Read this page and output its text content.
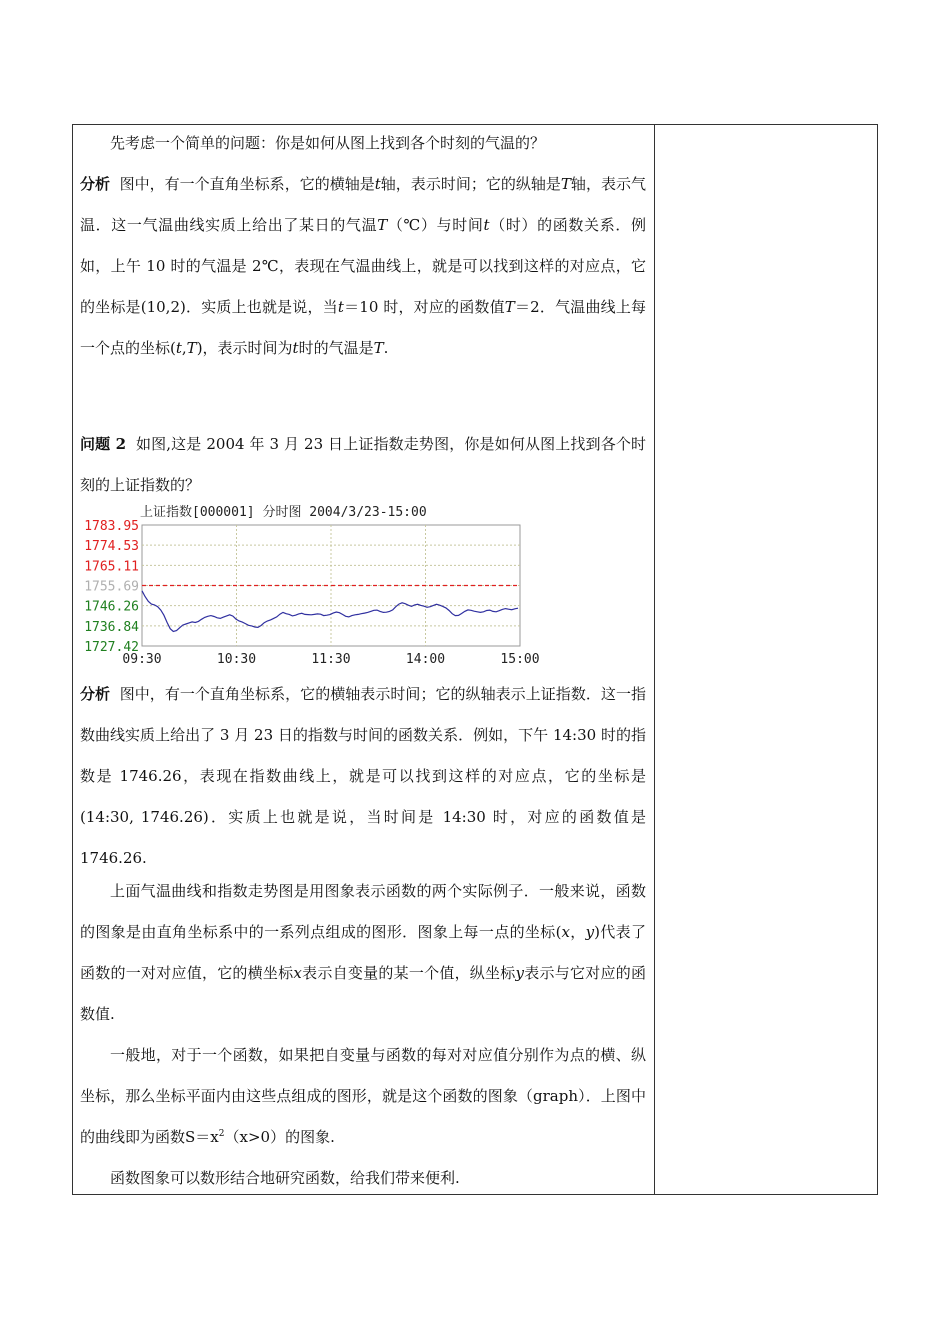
先考虑一个简单的问题：你是如何从图上找到各个时刻的气温的？

分析 图中，有一个直角坐标系，它的横轴是t轴，表示时间；它的纵轴是T轴，表示气温．这一气温曲线实质上给出了某日的气温T（℃）与时间t（时）的函数关系．例如，上午 10 时的气温是 2℃，表现在气温曲线上，就是可以找到这样的对应点，它的坐标是(10,2)．实质上也就是说，当t＝10 时，对应的函数值T＝2．气温曲线上每一个点的坐标(t,T)，表示时间为t时的气温是T.

问题 2 如图,这是 2004 年 3 月 23 日上证指数走势图，你是如何从图上找到各个时刻的上证指数的？

分析 图中，有一个直角坐标系，它的横轴表示时间；它的纵轴表示上证指数．这一指数曲线实质上给出了 3 月 23 日的指数与时间的函数关系．例如，下午 14:30 时的指数是 1746.26，表现在指数曲线上，就是可以找到这样的对应点，它的坐标是(14:30, 1746.26)．实质上也就是说，当时间是 14:30 时，对应的函数值是 1746.26.

上面气温曲线和指数走势图是用图象表示函数的两个实际例子．一般来说，函数的图象是由直角坐标系中的一系列点组成的图形．图象上每一点的坐标(x，y)代表了函数的一对对应值，它的横坐标x表示自变量的某一个值，纵坐标y表示与它对应的函数值.

一般地，对于一个函数，如果把自变量与函数的每对对应值分别作为点的横、纵坐标，那么坐标平面内由这些点组成的图形，就是这个函数的图象（graph）．上图中的曲线即为函数$S=x^2(x>0)$的图象.

函数图象可以数形结合地研究函数，给我们带来便利.

上证指数[000001] 分时图 2004/3/23-15:00
1783.95
1774.53
1765.11
1755.69
1746.26
1736.84
1727.42
09:30	10:30	11:30	14:00	15:00
